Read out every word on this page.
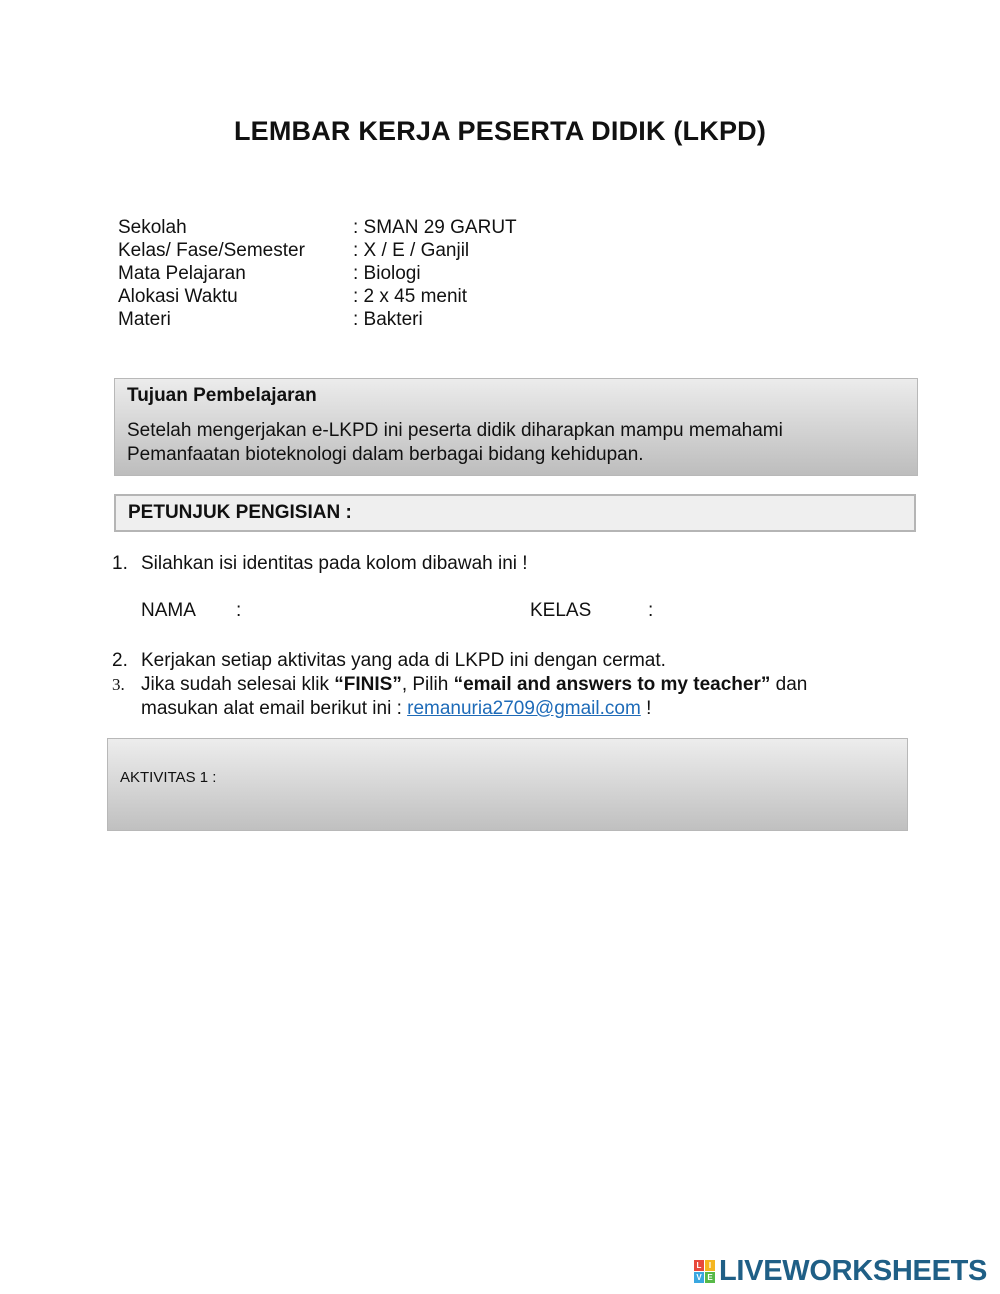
LEMBAR KERJA PESERTA DIDIK (LKPD)
Sekolah	: SMAN 29 GARUT
Kelas/ Fase/Semester	: X / E / Ganjil
Mata Pelajaran	: Biologi
Alokasi Waktu	: 2 x 45 menit
Materi	: Bakteri
Tujuan Pembelajaran
Setelah mengerjakan e-LKPD ini peserta didik diharapkan mampu memahami
Pemanfaatan bioteknologi dalam berbagai bidang kehidupan.
PETUNJUK PENGISIAN :
1. Silahkan isi identitas pada kolom dibawah ini !
NAMA :	KELAS	:
2. Kerjakan setiap aktivitas yang ada di LKPD ini dengan cermat.
3. Jika sudah selesai klik “FINIS”, Pilih “email and answers to my teacher” dan
masukan alat email berikut ini : remanuria2709@gmail.com !
AKTIVITAS 1 :
L I
V E LIVEWORKSHEETS
